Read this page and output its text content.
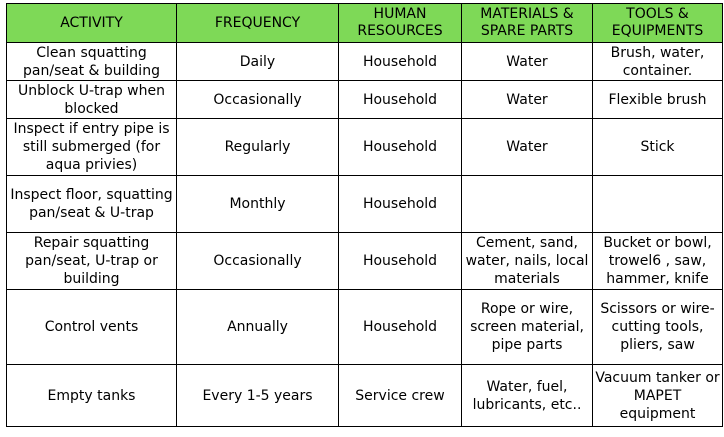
ACTIVITY	FREQUENCY	HUMAN RESOURCES	MATERIALS & SPARE PARTS	TOOLS & EQUIPMENTS
Clean squatting pan/seat & building	Daily	Household	Water	Brush, water, container.
Unblock U-trap when blocked	Occasionally	Household	Water	Flexible brush
Inspect if entry pipe is still submerged (for aqua privies)	Regularly	Household	Water	Stick
Inspect floor, squatting pan/seat & U-trap	Monthly	Household		
Repair squatting pan/seat, U-trap or building	Occasionally	Household	Cement, sand, water, nails, local materials	Bucket or bowl, trowel6 , saw, hammer, knife
Control vents	Annually	Household	Rope or wire, screen material, pipe parts	Scissors or wire-cutting tools, pliers, saw
Empty tanks	Every 1-5 years	Service crew	Water, fuel, lubricants, etc..	Vacuum tanker or MAPET equipment
